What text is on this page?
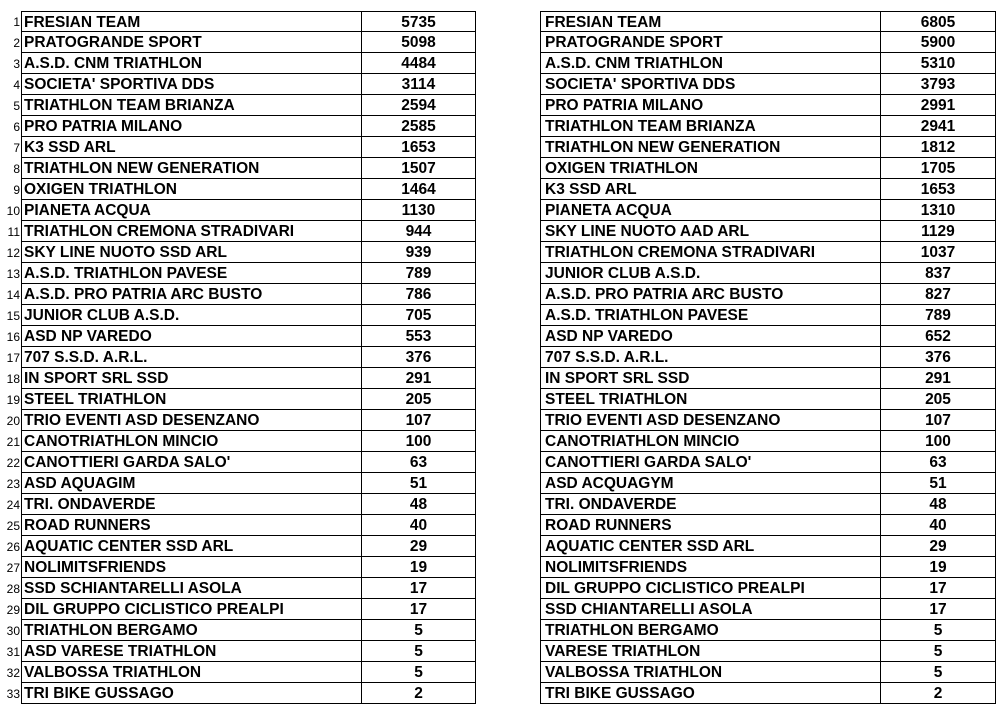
1 FRESIAN TEAM	5735	FRESIAN TEAM	6805
2 PRATOGRANDE SPORT	5098	PRATOGRANDE SPORT	5900
3 A.S.D. CNM TRIATHLON	4484	A.S.D. CNM TRIATHLON	5310
4 SOCIETA' SPORTIVA DDS	3114	SOCIETA' SPORTIVA DDS	3793
5 TRIATHLON TEAM BRIANZA	2594	PRO PATRIA MILANO	2991
6 PRO PATRIA MILANO	2585	TRIATHLON TEAM BRIANZA	2941
7 K3 SSD ARL	1653	TRIATHLON NEW GENERATION	1812
8 TRIATHLON NEW GENERATION	1507	OXIGEN TRIATHLON	1705
9 OXIGEN TRIATHLON	1464	K3 SSD ARL	1653
10 PIANETA ACQUA	1130	PIANETA ACQUA	1310
11 TRIATHLON CREMONA STRADIVARI	944	SKY LINE NUOTO AAD ARL	1129
12 SKY LINE NUOTO SSD ARL	939	TRIATHLON CREMONA STRADIVARI	1037
13 A.S.D. TRIATHLON PAVESE	789	JUNIOR CLUB A.S.D.	837
14 A.S.D. PRO PATRIA ARC BUSTO	786	A.S.D. PRO PATRIA ARC BUSTO	827
15 JUNIOR CLUB A.S.D.	705	A.S.D. TRIATHLON PAVESE	789
16 ASD NP VAREDO	553	ASD NP VAREDO	652
17 707 S.S.D. A.R.L.	376	707 S.S.D. A.R.L.	376
18 IN SPORT SRL SSD	291	IN SPORT SRL SSD	291
19 STEEL TRIATHLON	205	STEEL TRIATHLON	205
20 TRIO EVENTI ASD DESENZANO	107	TRIO EVENTI ASD DESENZANO	107
21 CANOTRIATHLON MINCIO	100	CANOTRIATHLON MINCIO	100
22 CANOTTIERI GARDA SALO'	63	CANOTTIERI GARDA SALO'	63
23 ASD AQUAGIM	51	ASD ACQUAGYM	51
24 TRI. ONDAVERDE	48	TRI. ONDAVERDE	48
25 ROAD RUNNERS	40	ROAD RUNNERS	40
26 AQUATIC CENTER SSD ARL	29	AQUATIC CENTER SSD ARL	29
27 NOLIMITSFRIENDS	19	NOLIMITSFRIENDS	19
28 SSD SCHIANTARELLI ASOLA	17	DIL GRUPPO CICLISTICO PREALPI	17
29 DIL GRUPPO CICLISTICO PREALPI	17	SSD CHIANTARELLI ASOLA	17
30 TRIATHLON BERGAMO	5	TRIATHLON BERGAMO	5
31 ASD VARESE TRIATHLON	5	VARESE TRIATHLON	5
32 VALBOSSA TRIATHLON	5	VALBOSSA TRIATHLON	5
33 TRI BIKE GUSSAGO	2	TRI BIKE GUSSAGO	2
